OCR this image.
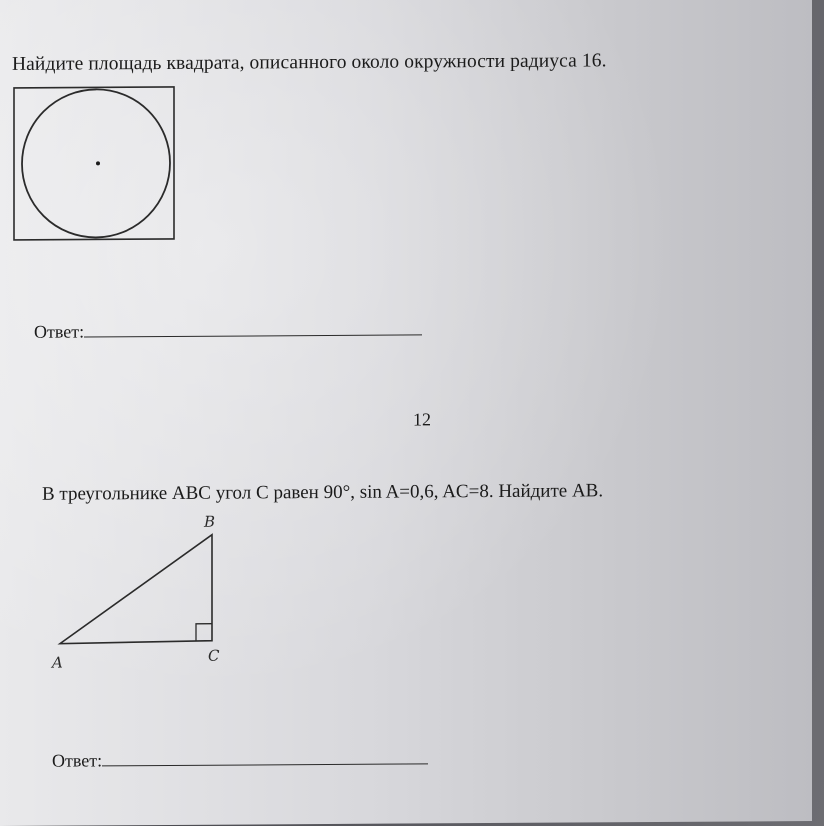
Найдите площадь квадрата, описанного около окружности радиуса 16.
Ответ:
12
В треугольнике ABC угол C равен 90°, sin A=0,6, AC=8. Найдите AB.
B
A	C
Ответ:
